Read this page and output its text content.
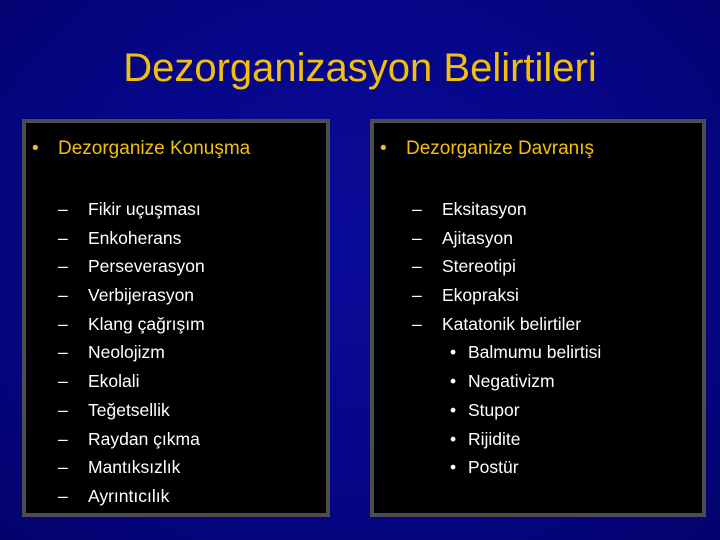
Dezorganizasyon Belirtileri
• Dezorganize Konuşma
– Fikir uçuşması
– Enkoherans
– Perseverasyon
– Verbijerasyon
– Klang çağrışım
– Neolojizm
– Ekolali
– Teğetsellik
– Raydan çıkma
– Mantıksızlık
– Ayrıntıcılık
• Dezorganize Davranış
– Eksitasyon
– Ajitasyon
– Stereotipi
– Ekopraksi
– Katatonik belirtiler
• Balmumu belirtisi
• Negativizm
• Stupor
• Rijidite
• Postür
